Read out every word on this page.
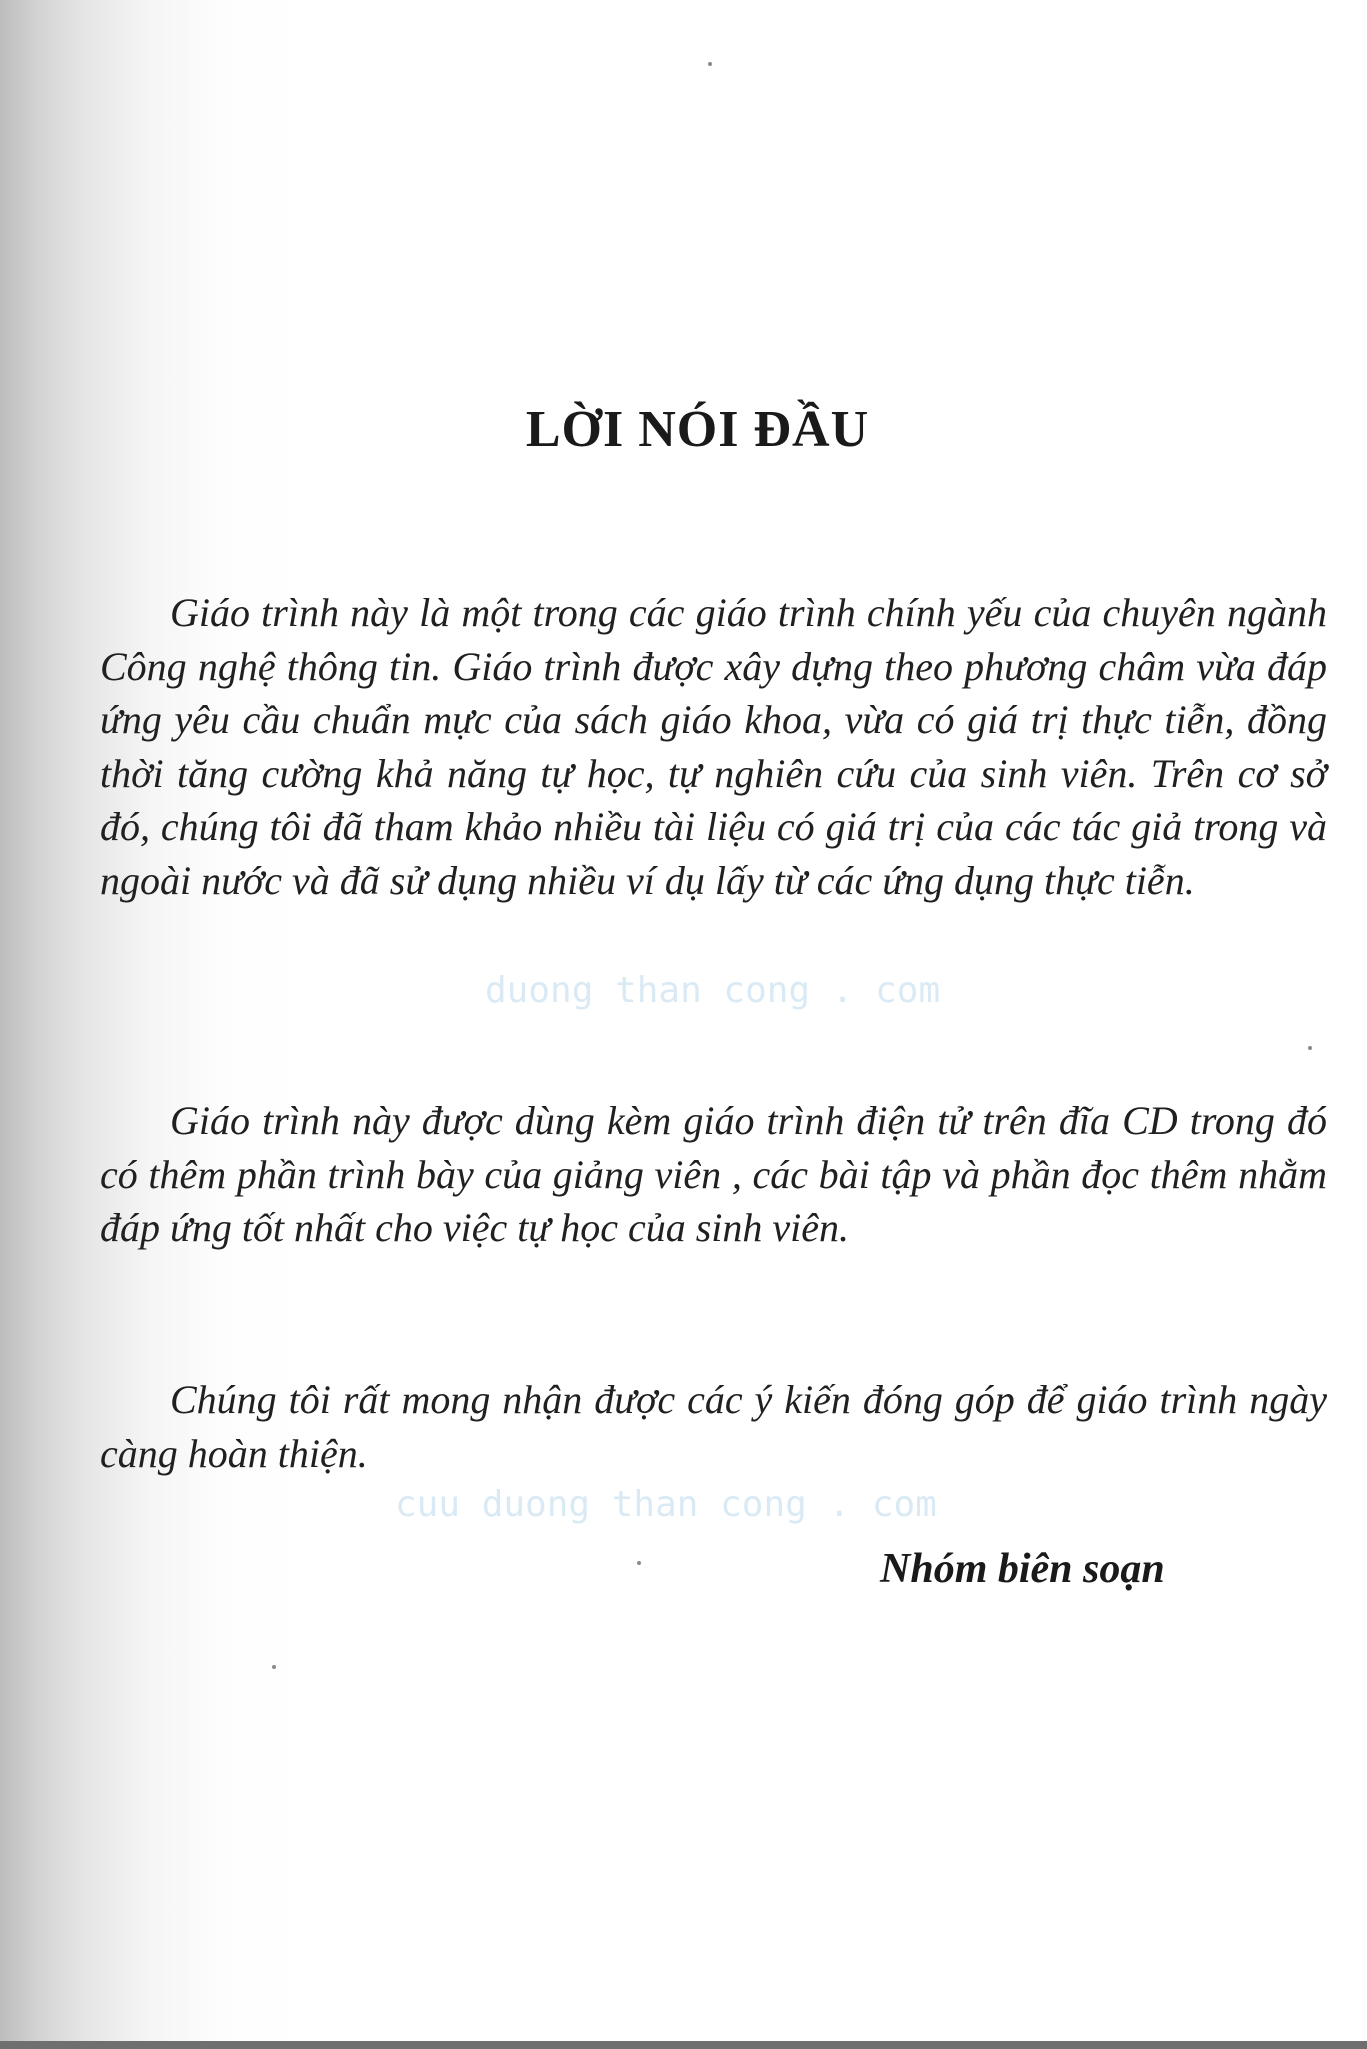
LỜI NÓI ĐẦU

Giáo trình này là một trong các giáo trình chính yếu của chuyên ngành Công nghệ thông tin. Giáo trình được xây dựng theo phương châm vừa đáp ứng yêu cầu chuẩn mực của sách giáo khoa, vừa có giá trị thực tiễn, đồng thời tăng cường khả năng tự học, tự nghiên cứu của sinh viên. Trên cơ sở đó, chúng tôi đã tham khảo nhiều tài liệu có giá trị của các tác giả trong và ngoài nước và đã sử dụng nhiều ví dụ lấy từ các ứng dụng thực tiễn.

duong than cong . com

Giáo trình này được dùng kèm giáo trình điện tử trên đĩa CD trong đó có thêm phần trình bày của giảng viên , các bài tập và phần đọc thêm nhằm đáp ứng tốt nhất cho việc tự học của sinh viên.

Chúng tôi rất mong nhận được các ý kiến đóng góp để giáo trình ngày càng hoàn thiện.

cuu duong than cong . com

Nhóm biên soạn
